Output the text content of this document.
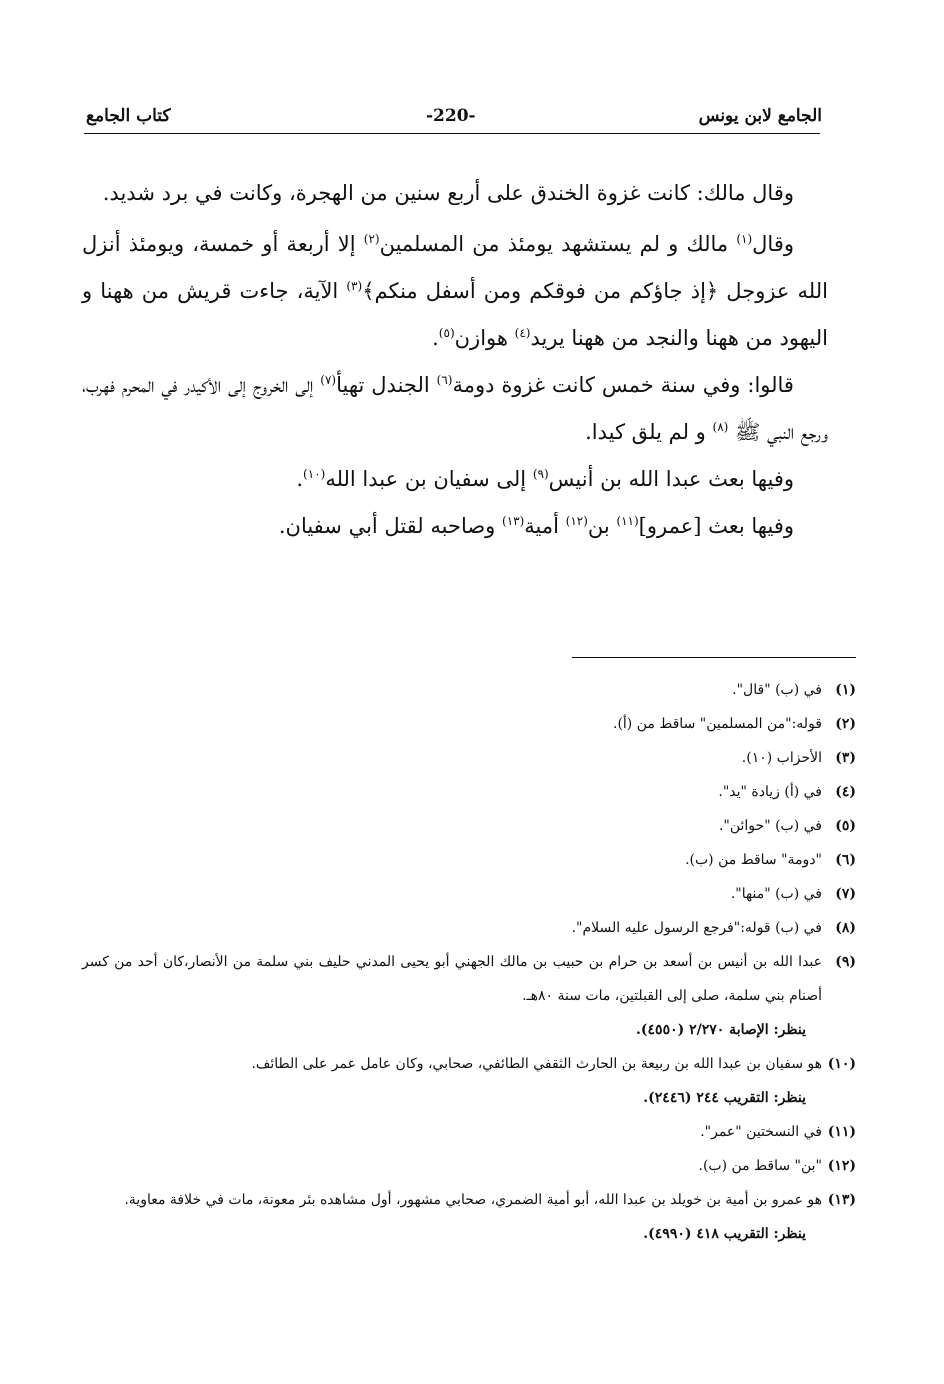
الجامع لابن يونس
-220-
كتاب الجامع

وقال مالك: كانت غزوة الخندق على أربع سنين من الهجرة، وكانت في برد شديد.

وقال$^{(١)}$ مالك و لم يستشهد يومئذ من المسلمين$^{(٢)}$ إلا أربعة أو خمسة، ويومئذ أنزل الله عزوجل ﴿إذ جاؤكم من فوقكم ومن أسفل منكم﴾$^{(٣)}$ الآية، جاءت قريش من ههنا و اليهود من ههنا والنجد من ههنا يريد$^{(٤)}$ هوازن$^{(٥)}$.

قالوا: وفي سنة خمس كانت غزوة دومة$^{(٦)}$ الجندل تهيأ$^{(٧)}$ إلى الخروج إلى الأكيدر في المحرم فهرب، ورجع النبي ﷺ $^{(٨)}$ و لم يلق كيدا.

وفيها بعث عبدا الله بن أنيس$^{(٩)}$ إلى سفيان بن عبدا الله$^{(١٠)}$.

وفيها بعث [عمرو]$^{(١١)}$ بن$^{(١٢)}$ أمية$^{(١٣)}$ وصاحبه لقتل أبي سفيان.

(١)
في (ب) "قال".

(٢)
قوله:"من المسلمين" ساقط من (أ).

(٣)
الأحزاب (١٠).

(٤)
في (أ) زيادة "يد".

(٥)
في (ب) "حوائن".

(٦)
"دومة" ساقط من (ب).

(٧)
في (ب) "منها".

(٨)
في (ب) قوله:"فرجع الرسول عليه السلام".

(٩)
عبدا الله بن أنيس بن أسعد بن حرام بن حبيب بن مالك الجهني أبو يحيى المدني حليف بني سلمة من الأنصار،كان أحد من كسر أصنام بني سلمة، صلى إلى القبلتين، مات سنة ٨٠هـ.

ينظر: الإصابة ٢/٢٧٠ (٤٥٥٠).

(١٠)
هو سفيان بن عبدا الله بن ربيعة بن الحارث الثقفي الطائفي، صحابي، وكان عامل عمر على الطائف.

ينظر: التقريب ٢٤٤ (٢٤٤٦).

(١١)
في النسختين "عمر".

(١٢)
"بن" ساقط من (ب).

(١٣)
هو عمرو بن أمية بن خويلد بن عبدا الله، أبو أمية الضمري، صحابي مشهور، أول مشاهده بئر معونة، مات في خلافة معاوية.

ينظر: التقريب ٤١٨ (٤٩٩٠).
